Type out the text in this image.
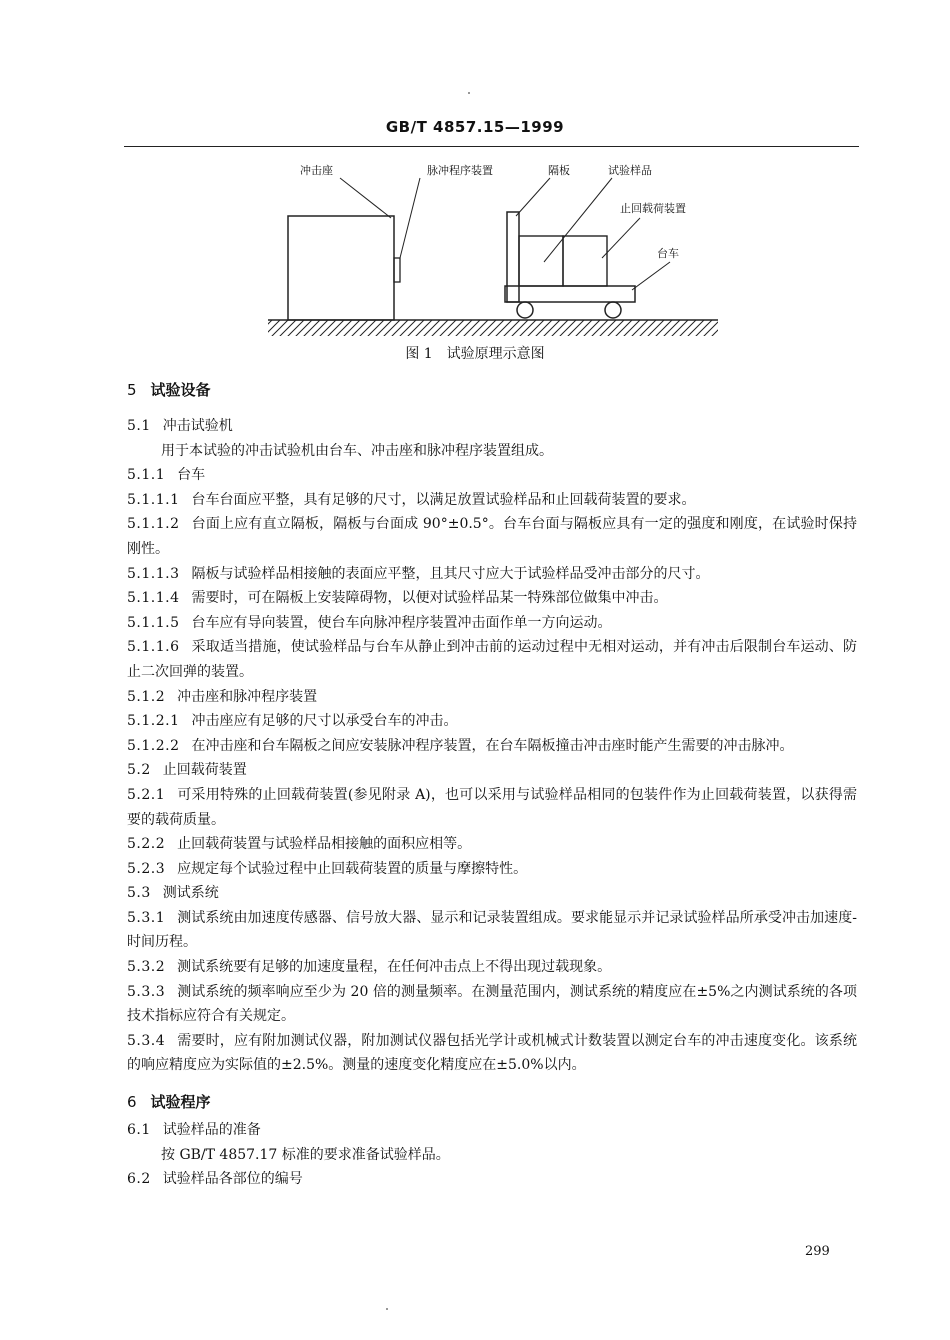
GB/T 4857.15—1999
冲击座	脉冲程序装置	隔板	试验样品
止回载荷装置
台车
图 1　试验原理示意图
5 试验设备
5.1 冲击试验机
用于本试验的冲击试验机由台车、冲击座和脉冲程序装置组成。
5.1.1 台车
5.1.1.1 台车台面应平整，具有足够的尺寸，以满足放置试验样品和止回载荷装置的要求。
5.1.1.2 台面上应有直立隔板，隔板与台面成 90°±0.5°。台车台面与隔板应具有一定的强度和刚度，在试验时保持刚性。
5.1.1.3 隔板与试验样品相接触的表面应平整，且其尺寸应大于试验样品受冲击部分的尺寸。
5.1.1.4 需要时，可在隔板上安装障碍物，以便对试验样品某一特殊部位做集中冲击。
5.1.1.5 台车应有导向装置，使台车向脉冲程序装置冲击面作单一方向运动。
5.1.1.6 采取适当措施，使试验样品与台车从静止到冲击前的运动过程中无相对运动，并有冲击后限制台车运动、防止二次回弹的装置。
5.1.2 冲击座和脉冲程序装置
5.1.2.1 冲击座应有足够的尺寸以承受台车的冲击。
5.1.2.2 在冲击座和台车隔板之间应安装脉冲程序装置，在台车隔板撞击冲击座时能产生需要的冲击脉冲。
5.2 止回载荷装置
5.2.1 可采用特殊的止回载荷装置(参见附录 A)，也可以采用与试验样品相同的包装件作为止回载荷装置，以获得需要的载荷质量。
5.2.2 止回载荷装置与试验样品相接触的面积应相等。
5.2.3 应规定每个试验过程中止回载荷装置的质量与摩擦特性。
5.3 测试系统
5.3.1 测试系统由加速度传感器、信号放大器、显示和记录装置组成。要求能显示并记录试验样品所承受冲击加速度-时间历程。
5.3.2 测试系统要有足够的加速度量程，在任何冲击点上不得出现过载现象。
5.3.3 测试系统的频率响应至少为 20 倍的测量频率。在测量范围内，测试系统的精度应在±5%之内测试系统的各项技术指标应符合有关规定。
5.3.4 需要时，应有附加测试仪器，附加测试仪器包括光学计或机械式计数装置以测定台车的冲击速度变化。该系统的响应精度应为实际值的±2.5%。测量的速度变化精度应在±5.0%以内。
6 试验程序
6.1 试验样品的准备
按 GB/T 4857.17 标准的要求准备试验样品。
6.2 试验样品各部位的编号
299
